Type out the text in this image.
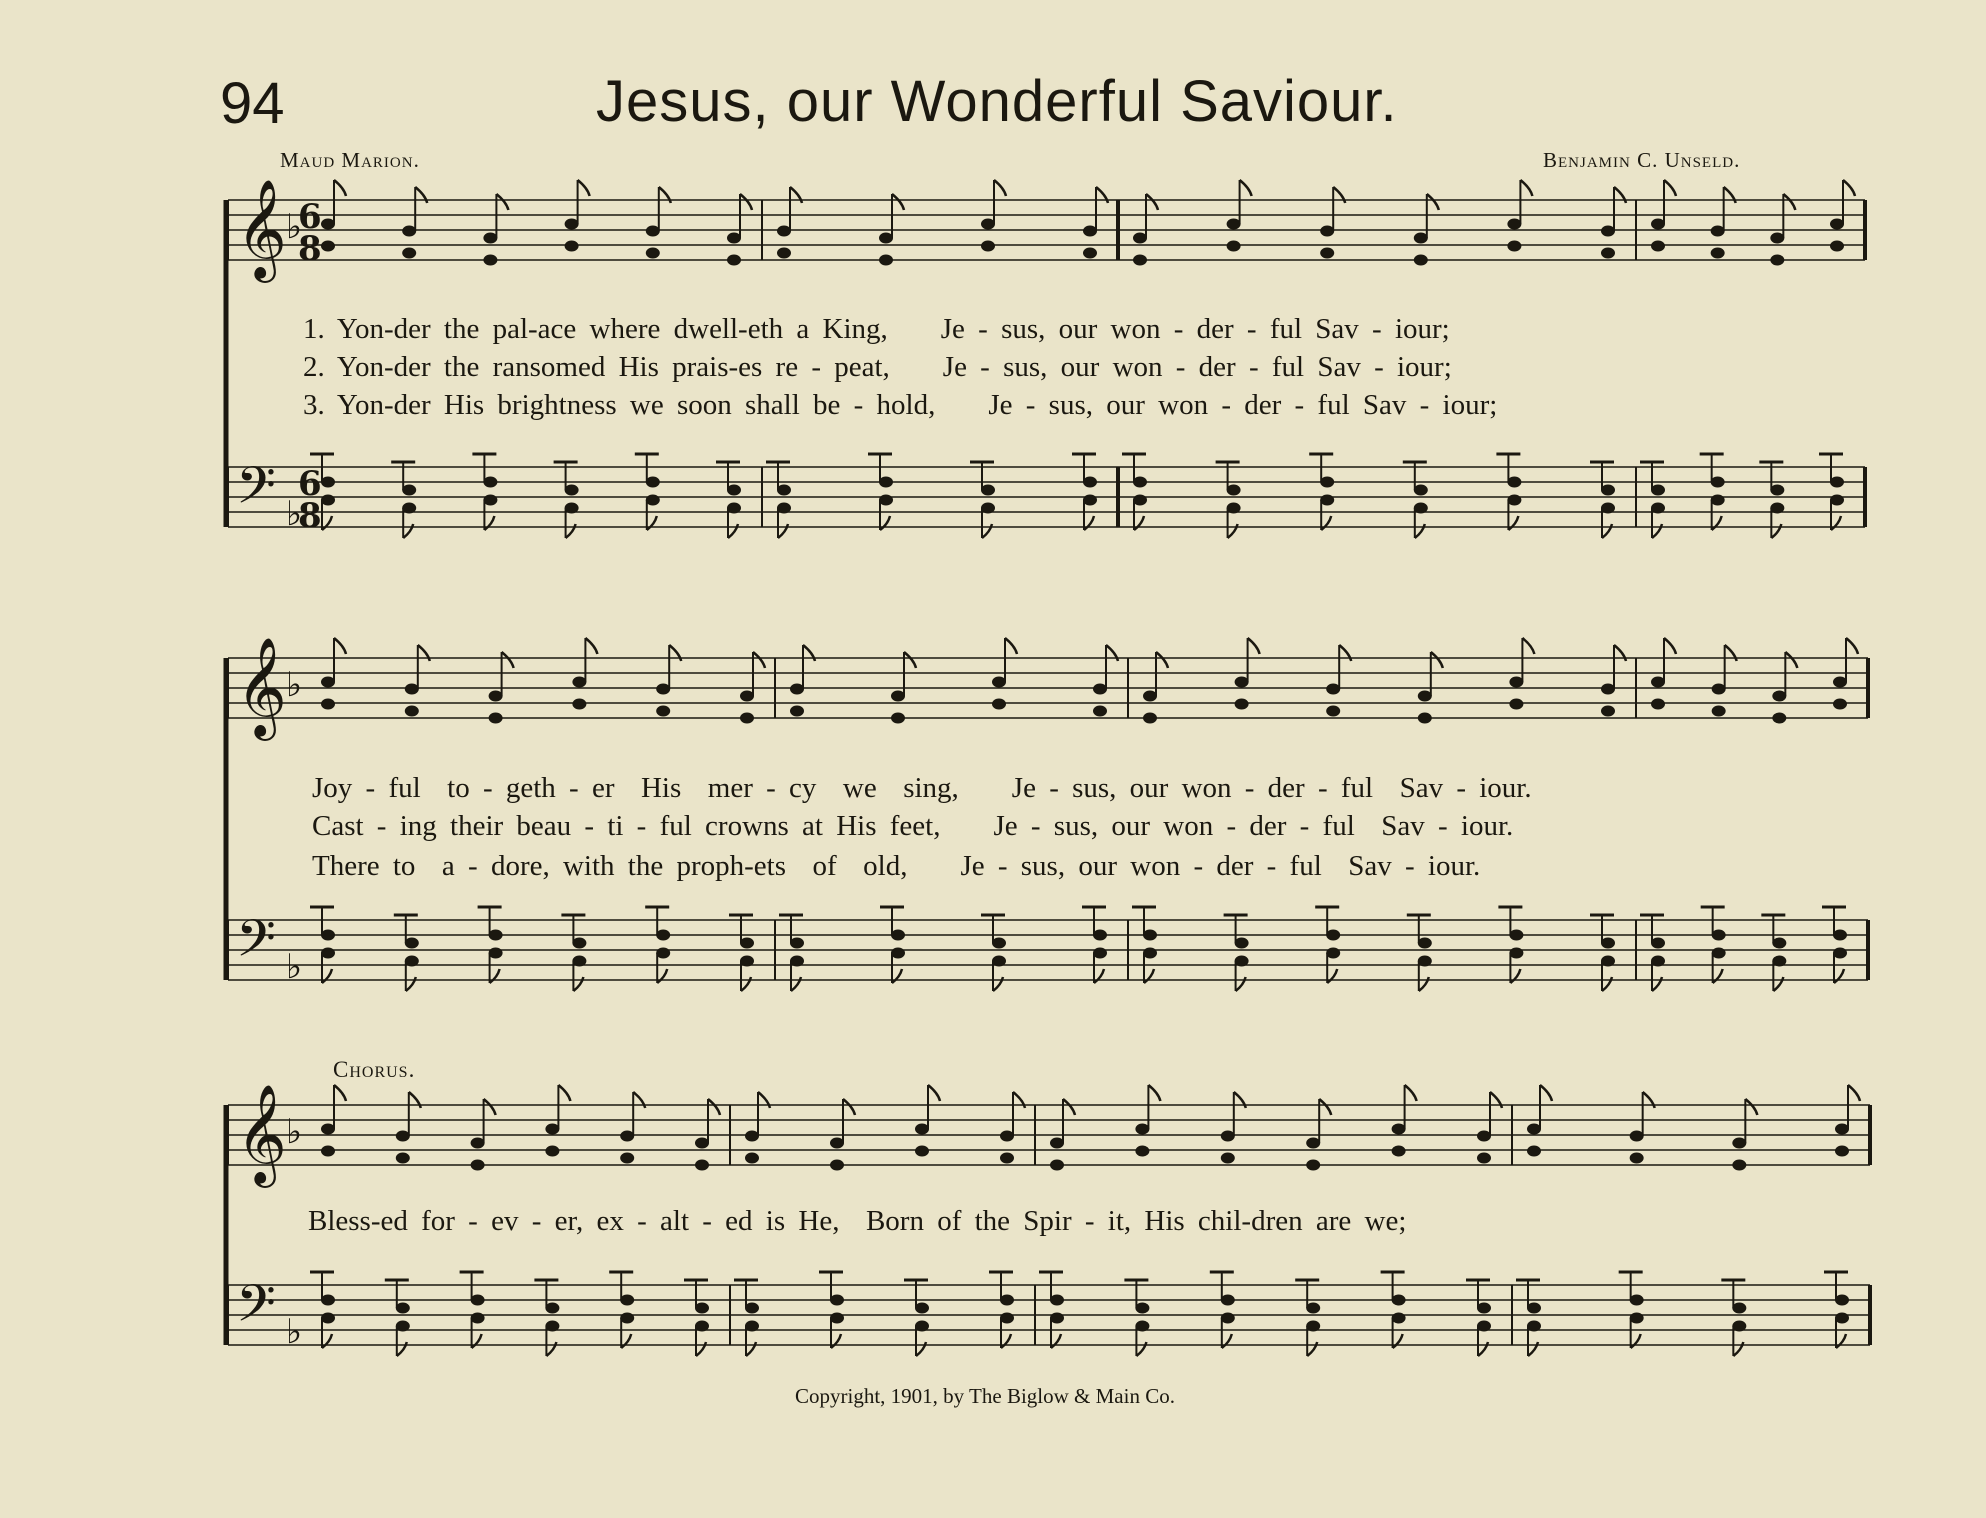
94	Jesus, our Wonderful Saviour.
Maud Marion.	Benjamin C. Unseld.
𝄞
𝄢
♭
♭
𝄞
𝄢
♭
♭
𝄞
𝄢
♭
♭
6
8
6
8
1. Yon-der the pal-ace where dwell-eth a King,    Je - sus, our won - der - ful Sav - iour;
2. Yon-der the ransomed His prais-es re - peat,    Je - sus, our won - der - ful Sav - iour;
3. Yon-der His brightness we soon shall be - hold,    Je - sus, our won - der - ful Sav - iour;
Joy - ful  to - geth - er  His  mer - cy  we  sing,    Je - sus, our won - der - ful  Sav - iour.
Cast - ing their beau - ti - ful crowns at His feet,    Je - sus, our won - der - ful  Sav - iour.
There to  a - dore, with the proph-ets  of  old,    Je - sus, our won - der - ful  Sav - iour.
Chorus.
Bless-ed for - ev - er, ex - alt - ed is He,  Born of the Spir - it, His chil-dren are we;
Copyright, 1901, by The Biglow & Main Co.
